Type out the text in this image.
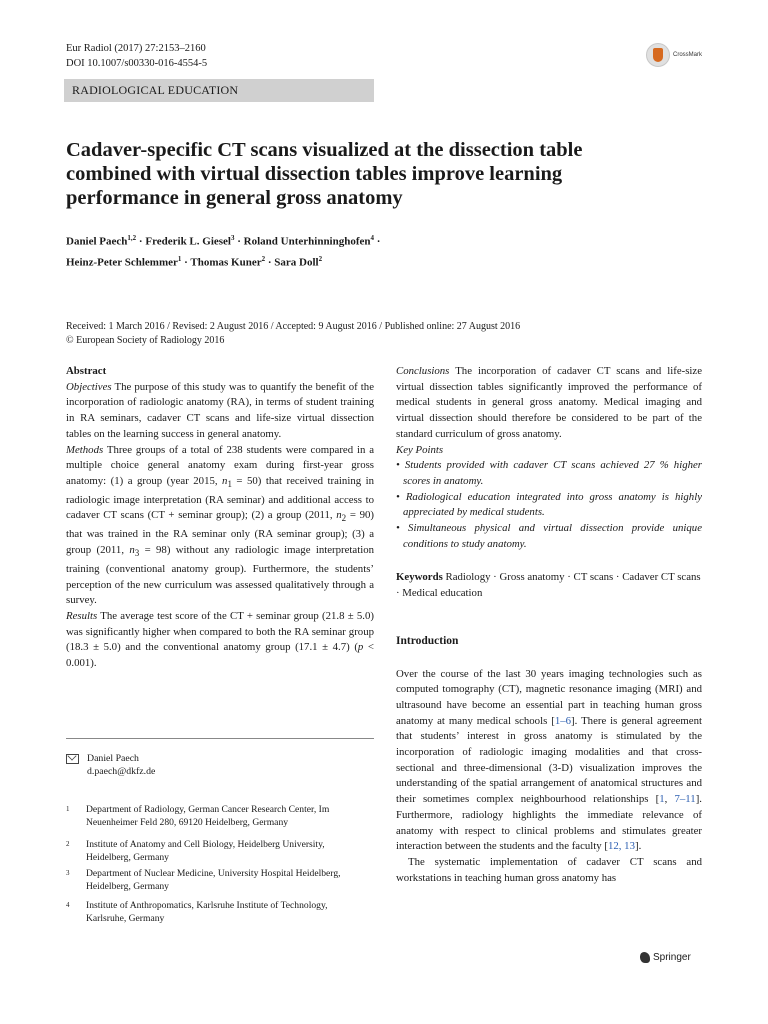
Eur Radiol (2017) 27:2153–2160
DOI 10.1007/s00330-016-4554-5
CrossMark
RADIOLOGICAL EDUCATION
Cadaver-specific CT scans visualized at the dissection table combined with virtual dissection tables improve learning performance in general gross anatomy
Daniel Paech$^{1,2}$ · Frederik L. Giesel$^3$ · Roland Unterhinninghofen$^4$ ·
Heinz-Peter Schlemmer$^1$ · Thomas Kuner$^2$ · Sara Doll$^2$
Received: 1 March 2016 / Revised: 2 August 2016 / Accepted: 9 August 2016 / Published online: 27 August 2016
© European Society of Radiology 2016
Abstract
Objectives The purpose of this study was to quantify the benefit of the incorporation of radiologic anatomy (RA), in terms of student training in RA seminars, cadaver CT scans and life-size virtual dissection tables on the learning success in general anatomy.
Methods Three groups of a total of 238 students were compared in a multiple choice general anatomy exam during first-year gross anatomy: (1) a group (year 2015, $n_1 = 50$) that received training in radiologic image interpretation (RA seminar) and additional access to cadaver CT scans (CT + seminar group); (2) a group (2011, $n_2 = 90$) that was trained in the RA seminar only (RA seminar group); (3) a group (2011, $n_3 = 98$) without any radiologic image interpretation training (conventional anatomy group). Furthermore, the students’ perception of the new curriculum was assessed qualitatively through a survey.
Results The average test score of the CT + seminar group (21.8 ± 5.0) was significantly higher when compared to both the RA seminar group (18.3 ± 5.0) and the conventional anatomy group (17.1 ± 4.7) (p < 0.001).
Daniel Paech
d.paech@dkfz.de
1	Department of Radiology, German Cancer Research Center, Im Neuenheimer Feld 280, 69120 Heidelberg, Germany
2	Institute of Anatomy and Cell Biology, Heidelberg University, Heidelberg, Germany
3	Department of Nuclear Medicine, University Hospital Heidelberg, Heidelberg, Germany
4	Institute of Anthropomatics, Karlsruhe Institute of Technology, Karlsruhe, Germany
Conclusions The incorporation of cadaver CT scans and life-size virtual dissection tables significantly improved the performance of medical students in general gross anatomy. Medical imaging and virtual dissection should therefore be considered to be part of the standard curriculum of gross anatomy.
Key Points
• Students provided with cadaver CT scans achieved 27 % higher scores in anatomy.
• Radiological education integrated into gross anatomy is highly appreciated by medical students.
• Simultaneous physical and virtual dissection provide unique conditions to study anatomy.
Keywords Radiology · Gross anatomy · CT scans · Cadaver CT scans · Medical education
Introduction
Over the course of the last 30 years imaging technologies such as computed tomography (CT), magnetic resonance imaging (MRI) and ultrasound have become an essential part in teaching human gross anatomy at many medical schools [1–6]. There is general agreement that students’ interest in gross anatomy is stimulated by the incorporation of radiologic imaging modalities and that cross-sectional and three-dimensional (3-D) visualization improves the understanding of the spatial arrangement of anatomical structures and their sometimes complex neighbourhood relationships [1, 7–11]. Furthermore, radiology highlights the immediate relevance of anatomy with respect to clinical problems and stimulates greater interaction between the students and the faculty [12, 13].
The systematic implementation of cadaver CT scans and workstations in teaching human gross anatomy has
Springer
